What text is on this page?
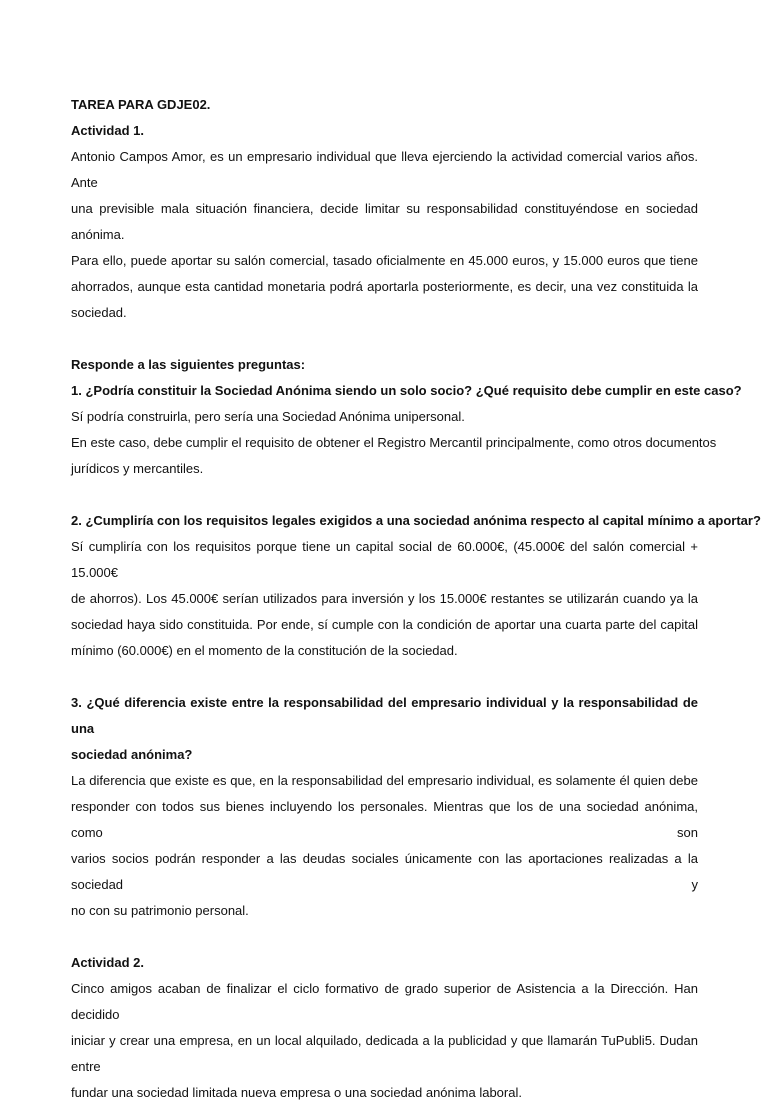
TAREA PARA GDJE02.

Actividad 1.

Antonio Campos Amor, es un empresario individual que lleva ejerciendo la actividad comercial varios años. Ante

una previsible mala situación financiera, decide limitar su responsabilidad constituyéndose en sociedad anónima.

Para ello, puede aportar su salón comercial, tasado oficialmente en 45.000 euros, y 15.000 euros que tiene

ahorrados, aunque esta cantidad monetaria podrá aportarla posteriormente, es decir, una vez constituida la

sociedad.

Responde a las siguientes preguntas:

1. ¿Podría constituir la Sociedad Anónima siendo un solo socio? ¿Qué requisito debe cumplir en este caso?

Sí podría construirla, pero sería una Sociedad Anónima unipersonal.

En este caso, debe cumplir el requisito de obtener el Registro Mercantil principalmente, como otros documentos

jurídicos y mercantiles.

2. ¿Cumpliría con los requisitos legales exigidos a una sociedad anónima respecto al capital mínimo a aportar?

Sí cumpliría con los requisitos porque tiene un capital social de 60.000€, (45.000€ del salón comercial + 15.000€

de ahorros). Los 45.000€ serían utilizados para inversión y los 15.000€ restantes se utilizarán cuando ya la

sociedad haya sido constituida. Por ende, sí cumple con la condición de aportar una cuarta parte del capital

mínimo (60.000€) en el momento de la constitución de la sociedad.

3. ¿Qué diferencia existe entre la responsabilidad del empresario individual y la responsabilidad de una

sociedad anónima?

La diferencia que existe es que, en la responsabilidad del empresario individual, es solamente él quien debe

responder con todos sus bienes incluyendo los personales. Mientras que los de una sociedad anónima, como son

varios socios podrán responder a las deudas sociales únicamente con las aportaciones realizadas a la sociedad y

no con su patrimonio personal.

Actividad 2.

Cinco amigos acaban de finalizar el ciclo formativo de grado superior de Asistencia a la Dirección. Han decidido

iniciar y crear una empresa, en un local alquilado, dedicada a la publicidad y que llamarán TuPubli5. Dudan entre

fundar una sociedad limitada nueva empresa o una sociedad anónima laboral.
